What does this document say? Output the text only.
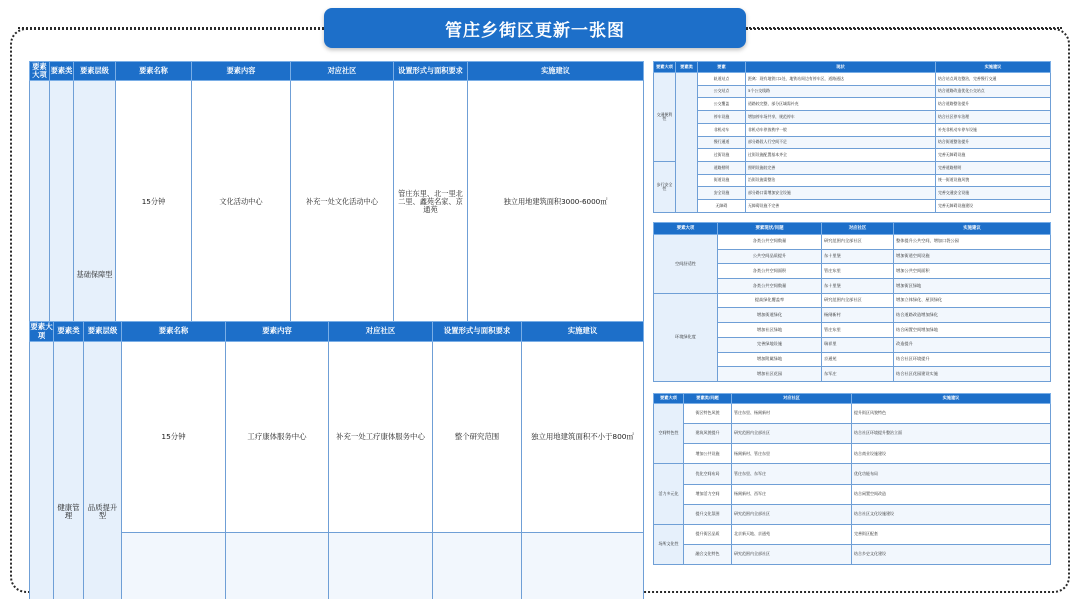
管庄乡街区更新一张图
要素大项	要素类	要素层级	要素名称	要素内容	对应社区	设置形式与面积要求	实施建议	
		基础保障型	15分钟	文化活动中心	补充一处文化活动中心	管庄东里、北一里北二里、鑫苑名家、京通苑	独立用地建筑面积3000-6000㎡	

要素大项	要素类	要素层级	要素名称	要素内容	对应社区	设置形式与面积要求	实施建议	
	健康管理	品质提升型	15分钟	工疗康体服务中心	补充一处工疗康体服务中心	整个研究范围	独立用地建筑面积不小于800㎡	

要素大项	要素类	要素	现状	实施建议
交通便利性		轨道站点	距离：现有地铁口2处，地铁站周边有停车区，道路通达	结合站点周边整治，完善慢行交通
		公交站点	5个公交线路	结合道路改造优化公交站点
		公交覆盖	道路较完整，部分区域需补充	结合道路整治提升
		停车设施	增加停车场共享，规范停车	结合社区停车治理
		非机动车	非机动车停放秩序一般	补充非机动车停车设施
		慢行通道	部分路段人行空间不足	结合街道整治提升
		过街设施	过街设施配置基本齐全	完善无障碍设施
步行安全性		道路照明	照明设施较完善	完善道路照明
		街道设施	沿街设施需整治	统一街道设施风貌
		安全设施	部分路口需增加安全设施	完善交通安全设施
		无障碍	无障碍设施不完善	完善无障碍设施建设
要素大项	要素现状/问题	对应社区	实施建议
空间舒适性	各类公共空间数量	研究范围内全部社区	整体提升公共空间，增加口袋公园
	公共空间品质提升	东十里堡	增加街道空间设施
	各类公共空间面积	管庄东里	增加公共空间面积
	各类公共空间数量	东十里堡	增加街区绿地
环境绿化度	提高绿化覆盖率	研究范围内全部社区	增加立体绿化、屋顶绿化
	增加街道绿化	杨闸新村	结合道路改造增加绿化
	增加社区绿地	管庄东里	结合闲置空间增加绿地
	完善绿地设施	瑞祥里	改造提升
	增加附属绿地	京通苑	结合社区环境提升
	增加社区花园	东军庄	结合社区花园建设实施
要素大项	要素类/问题	对应社区	实施建议
空间特色性	街区特色风貌	管庄东里、杨闸新村	提升街区风貌特色
	建筑风貌提升	研究范围内全部社区	结合社区环境提升整治立面
	增加公共设施	杨闸新村、管庄东里	结合商业设施建设
活力多元化	优化空间布局	管庄东里、东军庄	优化功能布局
	增加活力空间	杨闸新村、西军庄	结合闲置空间改造
	提升文化氛围	研究范围内全部社区	结合社区文化设施建设
场所文化性	提升街区品质	北京新天地、京通苑	完善街区配套
	融合文化特色	研究范围内全部社区	结合乡史文化建设
